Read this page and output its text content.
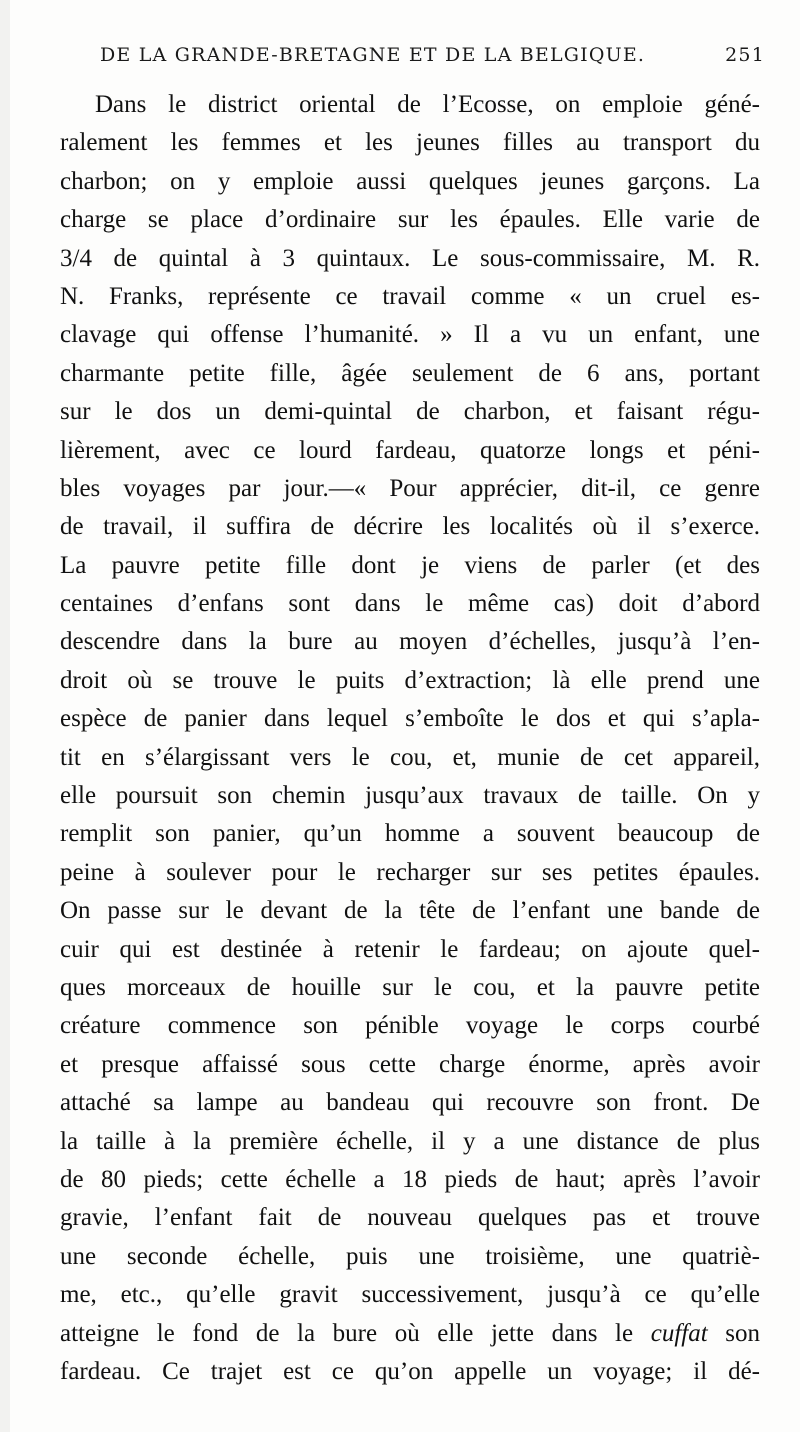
DE LA GRANDE-BRETAGNE ET DE LA BELGIQUE.	251
Dans le district oriental de l’Ecosse, on emploie géné-
ralement les femmes et les jeunes filles au transport du
charbon; on y emploie aussi quelques jeunes garçons. La
charge se place d’ordinaire sur les épaules. Elle varie de
3/4 de quintal à 3 quintaux. Le sous-commissaire, M. R.
N. Franks, représente ce travail comme « un cruel es-
clavage qui offense l’humanité. » Il a vu un enfant, une
charmante petite fille, âgée seulement de 6 ans, portant
sur le dos un demi-quintal de charbon, et faisant régu-
lièrement, avec ce lourd fardeau, quatorze longs et péni-
bles voyages par jour.—« Pour apprécier, dit-il, ce genre
de travail, il suffira de décrire les localités où il s’exerce.
La pauvre petite fille dont je viens de parler (et des
centaines d’enfans sont dans le même cas) doit d’abord
descendre dans la bure au moyen d’échelles, jusqu’à l’en-
droit où se trouve le puits d’extraction; là elle prend une
espèce de panier dans lequel s’emboîte le dos et qui s’apla-
tit en s’élargissant vers le cou, et, munie de cet appareil,
elle poursuit son chemin jusqu’aux travaux de taille. On y
remplit son panier, qu’un homme a souvent beaucoup de
peine à soulever pour le recharger sur ses petites épaules.
On passe sur le devant de la tête de l’enfant une bande de
cuir qui est destinée à retenir le fardeau; on ajoute quel-
ques morceaux de houille sur le cou, et la pauvre petite
créature commence son pénible voyage le corps courbé
et presque affaissé sous cette charge énorme, après avoir
attaché sa lampe au bandeau qui recouvre son front. De
la taille à la première échelle, il y a une distance de plus
de 80 pieds; cette échelle a 18 pieds de haut; après l’avoir
gravie, l’enfant fait de nouveau quelques pas et trouve
une seconde échelle, puis une troisième, une quatriè-
me, etc., qu’elle gravit successivement, jusqu’à ce qu’elle
atteigne le fond de la bure où elle jette dans le cuffat son
fardeau. Ce trajet est ce qu’on appelle un voyage; il dé-
